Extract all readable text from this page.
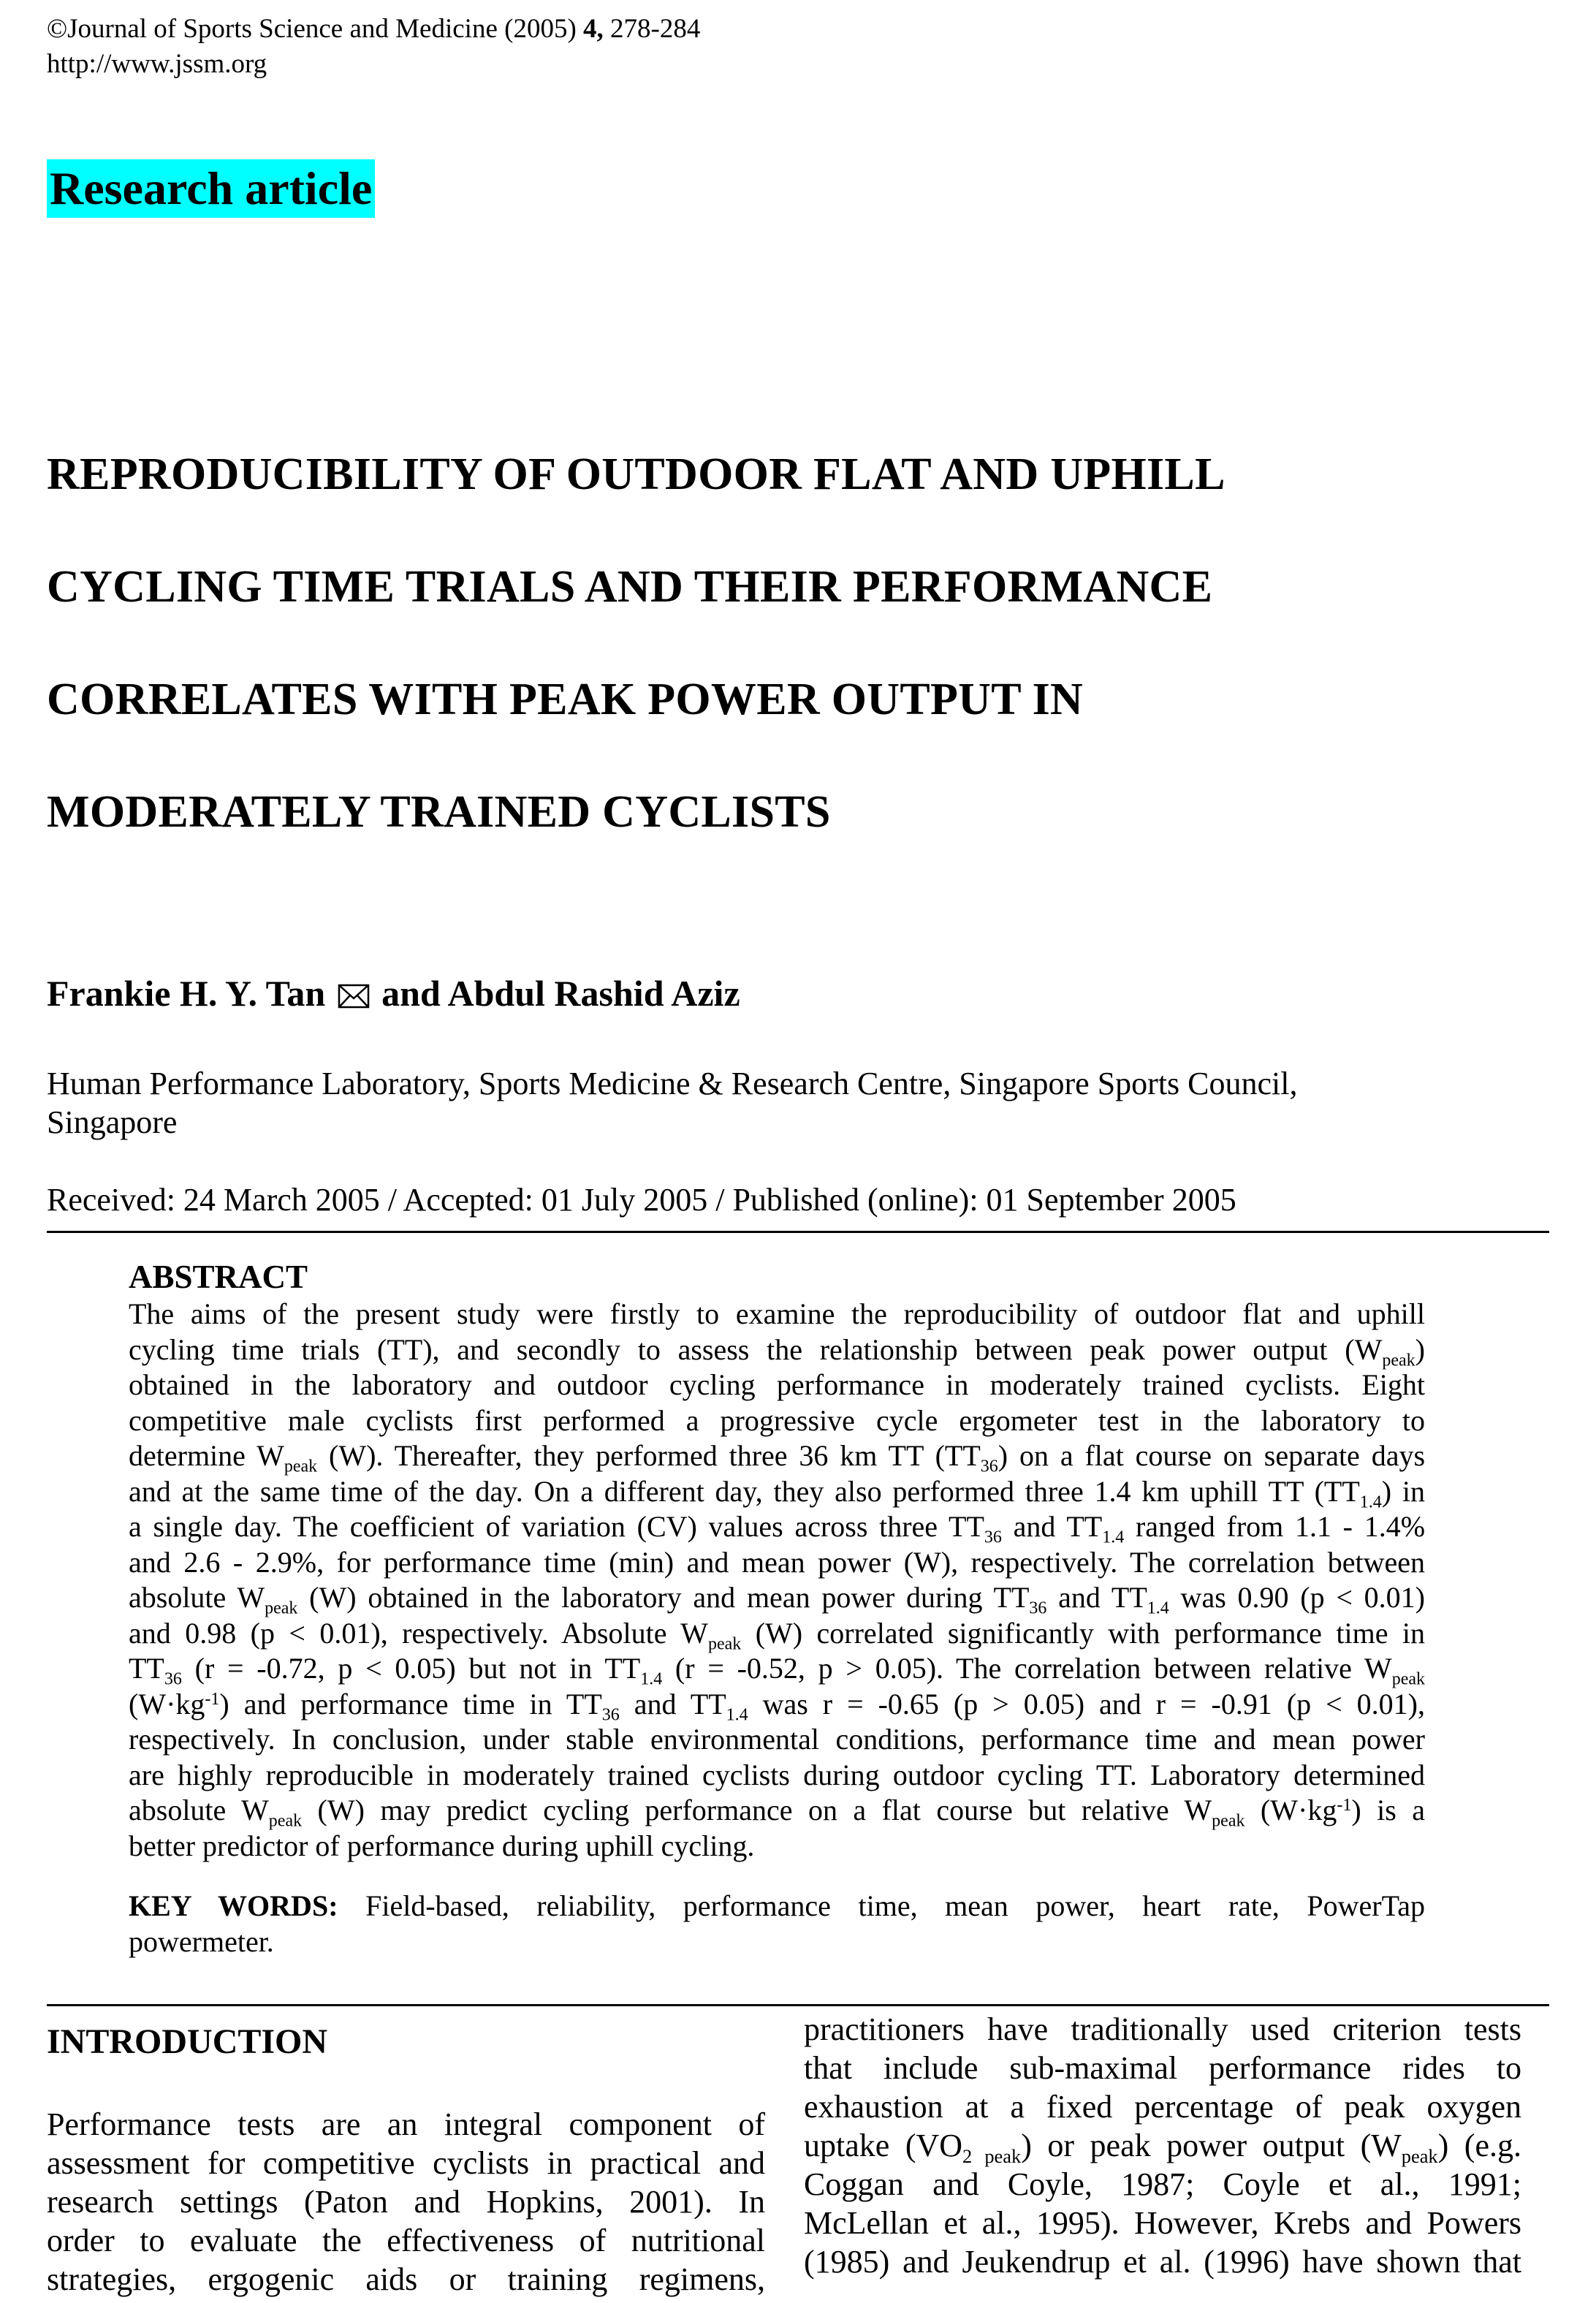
©Journal of Sports Science and Medicine (2005) 4, 278-284
http://www.jssm.org
Research article
REPRODUCIBILITY OF OUTDOOR FLAT AND UPHILL
CYCLING TIME TRIALS AND THEIR PERFORMANCE
CORRELATES WITH PEAK POWER OUTPUT IN
MODERATELY TRAINED CYCLISTS
Frankie H. Y. Tan and Abdul Rashid Aziz
Human Performance Laboratory, Sports Medicine & Research Centre, Singapore Sports Council,
Singapore
Received: 24 March 2005 / Accepted: 01 July 2005 / Published (online): 01 September 2005
ABSTRACT
The aims of the present study were firstly to examine the reproducibility of outdoor flat and uphill
cycling time trials (TT), and secondly to assess the relationship between peak power output $(W_{peak})$
obtained in the laboratory and outdoor cycling performance in moderately trained cyclists. Eight
competitive male cyclists first performed a progressive cycle ergometer test in the laboratory to
determine $W_{peak}$ (W). Thereafter, they performed three 36 km TT $(TT_{36})$ on a flat course on separate days
and at the same time of the day. On a different day, they also performed three 1.4 km uphill TT $(TT_{1.4})$ in
a single day. The coefficient of variation (CV) values across three $TT_{36}$ and $TT_{1.4}$ ranged from 1.1 - 1.4%
and 2.6 - 2.9%, for performance time (min) and mean power (W), respectively. The correlation between
absolute $W_{peak}$ (W) obtained in the laboratory and mean power during $TT_{36}$ and $TT_{1.4}$ was 0.90 (p < 0.01)
and 0.98 (p < 0.01), respectively. Absolute $W_{peak}$ (W) correlated significantly with performance time in
$TT_{36}$ (r = -0.72, p < 0.05) but not in $TT_{1.4}$ (r = -0.52, p > 0.05). The correlation between relative $W_{peak}$
$(W\cdot kg^{-1})$ and performance time in $TT_{36}$ and $TT_{1.4}$ was r = -0.65 (p > 0.05) and r = -0.91 (p < 0.01),
respectively. In conclusion, under stable environmental conditions, performance time and mean power
are highly reproducible in moderately trained cyclists during outdoor cycling TT. Laboratory determined
absolute $W_{peak}$ (W) may predict cycling performance on a flat course but relative $W_{peak}$ $(W\cdot kg^{-1})$ is a
better predictor of performance during uphill cycling.
KEY WORDS: Field-based, reliability, performance time, mean power, heart rate, PowerTap
powermeter.
INTRODUCTION
Performance tests are an integral component of
assessment for competitive cyclists in practical and
research settings (Paton and Hopkins, 2001). In
order to evaluate the effectiveness of nutritional
strategies, ergogenic aids or training regimens,
practitioners have traditionally used criterion tests
that include sub-maximal performance rides to
exhaustion at a fixed percentage of peak oxygen
uptake $(VO_{2 peak})$ or peak power output $(W_{peak})$ (e.g.
Coggan and Coyle, 1987; Coyle et al., 1991;
McLellan et al., 1995). However, Krebs and Powers
(1985) and Jeukendrup et al. (1996) have shown that
